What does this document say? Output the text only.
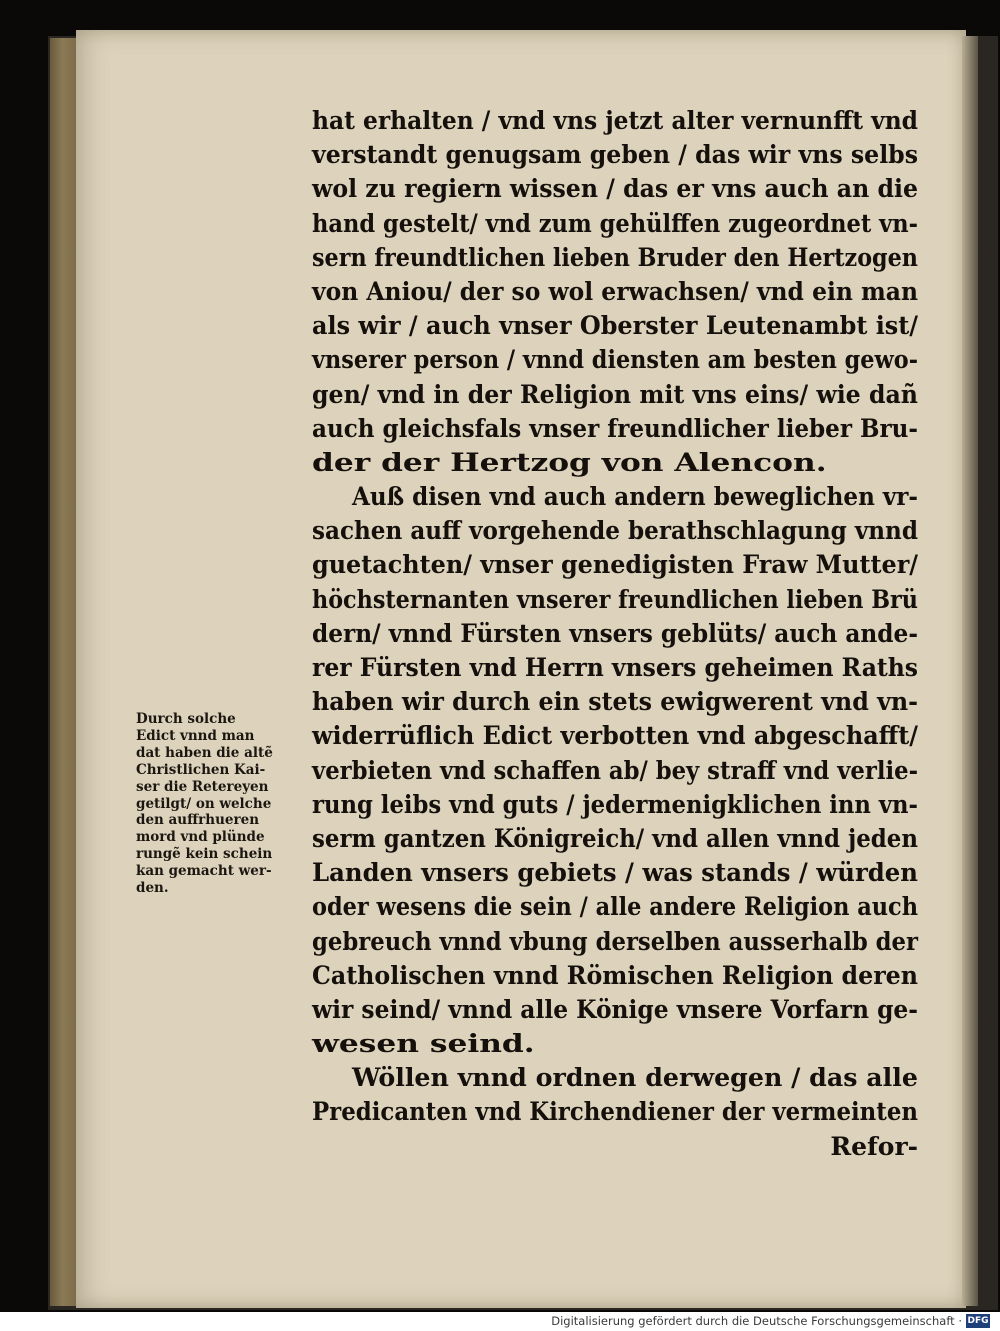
Durch solche
Edict vnnd man
dat haben die altẽ
Christlichen Kai‑
ser die Retereyen
getilgt/ on welche
den auffrhueren
mord vnd plünde
rungẽ kein schein
kan gemacht wer‑
den.
hat erhalten / vnd vns jetzt alter vernunfft vnd
verstandt genugsam geben / das wir vns selbs
wol zu regiern wissen / das er vns auch an die
hand gestelt/ vnd zum gehülffen zugeordnet vn‑
sern freundtlichen lieben Bruder den Hertzogen
von Aniou/ der so wol erwachsen/ vnd ein man
als wir / auch vnser Oberster Leutenambt ist/
vnserer person / vnnd diensten am besten gewo‑
gen/ vnd in der Religion mit vns eins/ wie dañ
auch gleichsfals vnser freundlicher lieber Bru‑
der der Hertzog von Alencon.
Auß disen vnd auch andern beweglichen vr‑
sachen auff vorgehende berathschlagung vnnd
guetachten/ vnser genedigisten Fraw Mutter/
höchsternanten vnserer freundlichen lieben Brü
dern/ vnnd Fürsten vnsers geblüts/ auch ande‑
rer Fürsten vnd Herrn vnsers geheimen Raths
haben wir durch ein stets ewigwerent vnd vn‑
widerrüflich Edict verbotten vnd abgeschafft/
verbieten vnd schaffen ab/ bey straff vnd verlie‑
rung leibs vnd guts / jedermenigklichen inn vn‑
serm gantzen Königreich/ vnd allen vnnd jeden
Landen vnsers gebiets / was stands / würden
oder wesens die sein / alle andere Religion auch
gebreuch vnnd vbung derselben ausserhalb der
Catholischen vnnd Römischen Religion deren
wir seind/ vnnd alle Könige vnsere Vorfarn ge‑
wesen seind.
Wöllen vnnd ordnen derwegen / das alle
Predicanten vnd Kirchendiener der vermeinten
Refor‑
Digitalisierung gefördert durch die Deutsche Forschungsgemeinschaft · DFG
